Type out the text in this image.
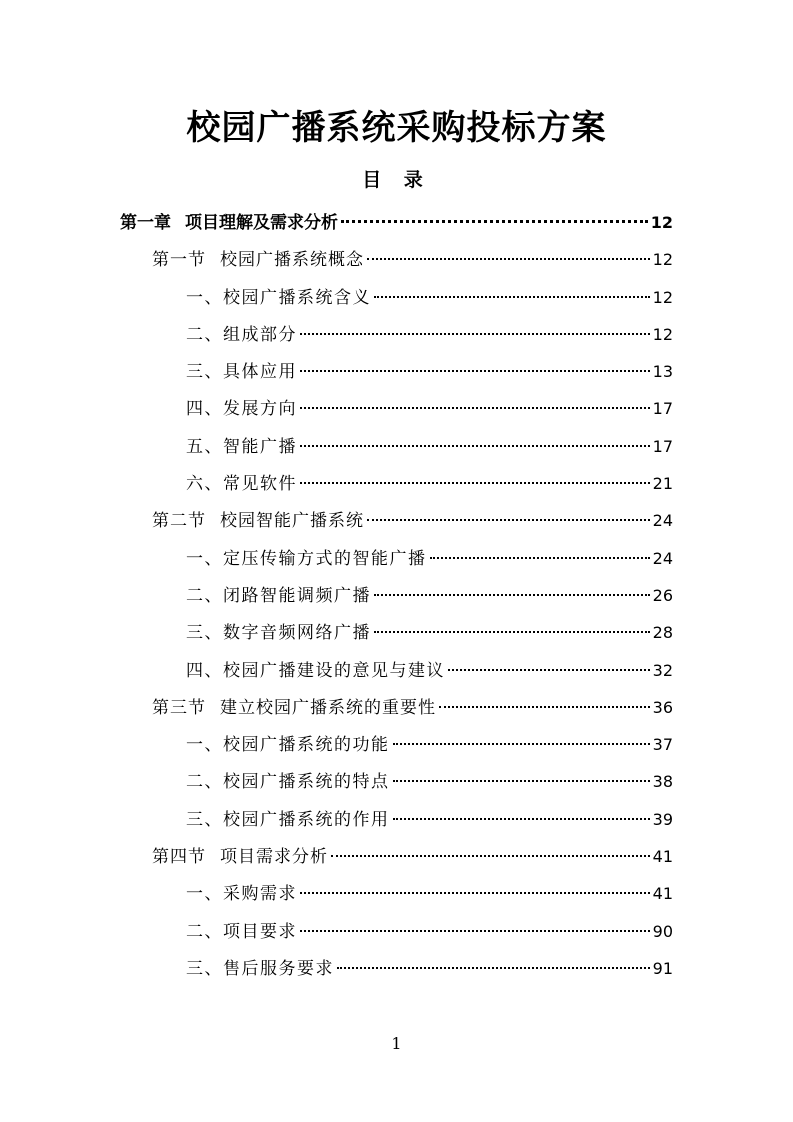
校园广播系统采购投标方案
目 录
第一章 项目理解及需求分析	12
第一节 校园广播系统概念	12
一、校园广播系统含义	12
二、组成部分	12
三、具体应用	13
四、发展方向	17
五、智能广播	17
六、常见软件	21
第二节 校园智能广播系统	24
一、定压传输方式的智能广播	24
二、闭路智能调频广播	26
三、数字音频网络广播	28
四、校园广播建设的意见与建议	32
第三节 建立校园广播系统的重要性	36
一、校园广播系统的功能	37
二、校园广播系统的特点	38
三、校园广播系统的作用	39
第四节 项目需求分析	41
一、采购需求	41
二、项目要求	90
三、售后服务要求	91
1
